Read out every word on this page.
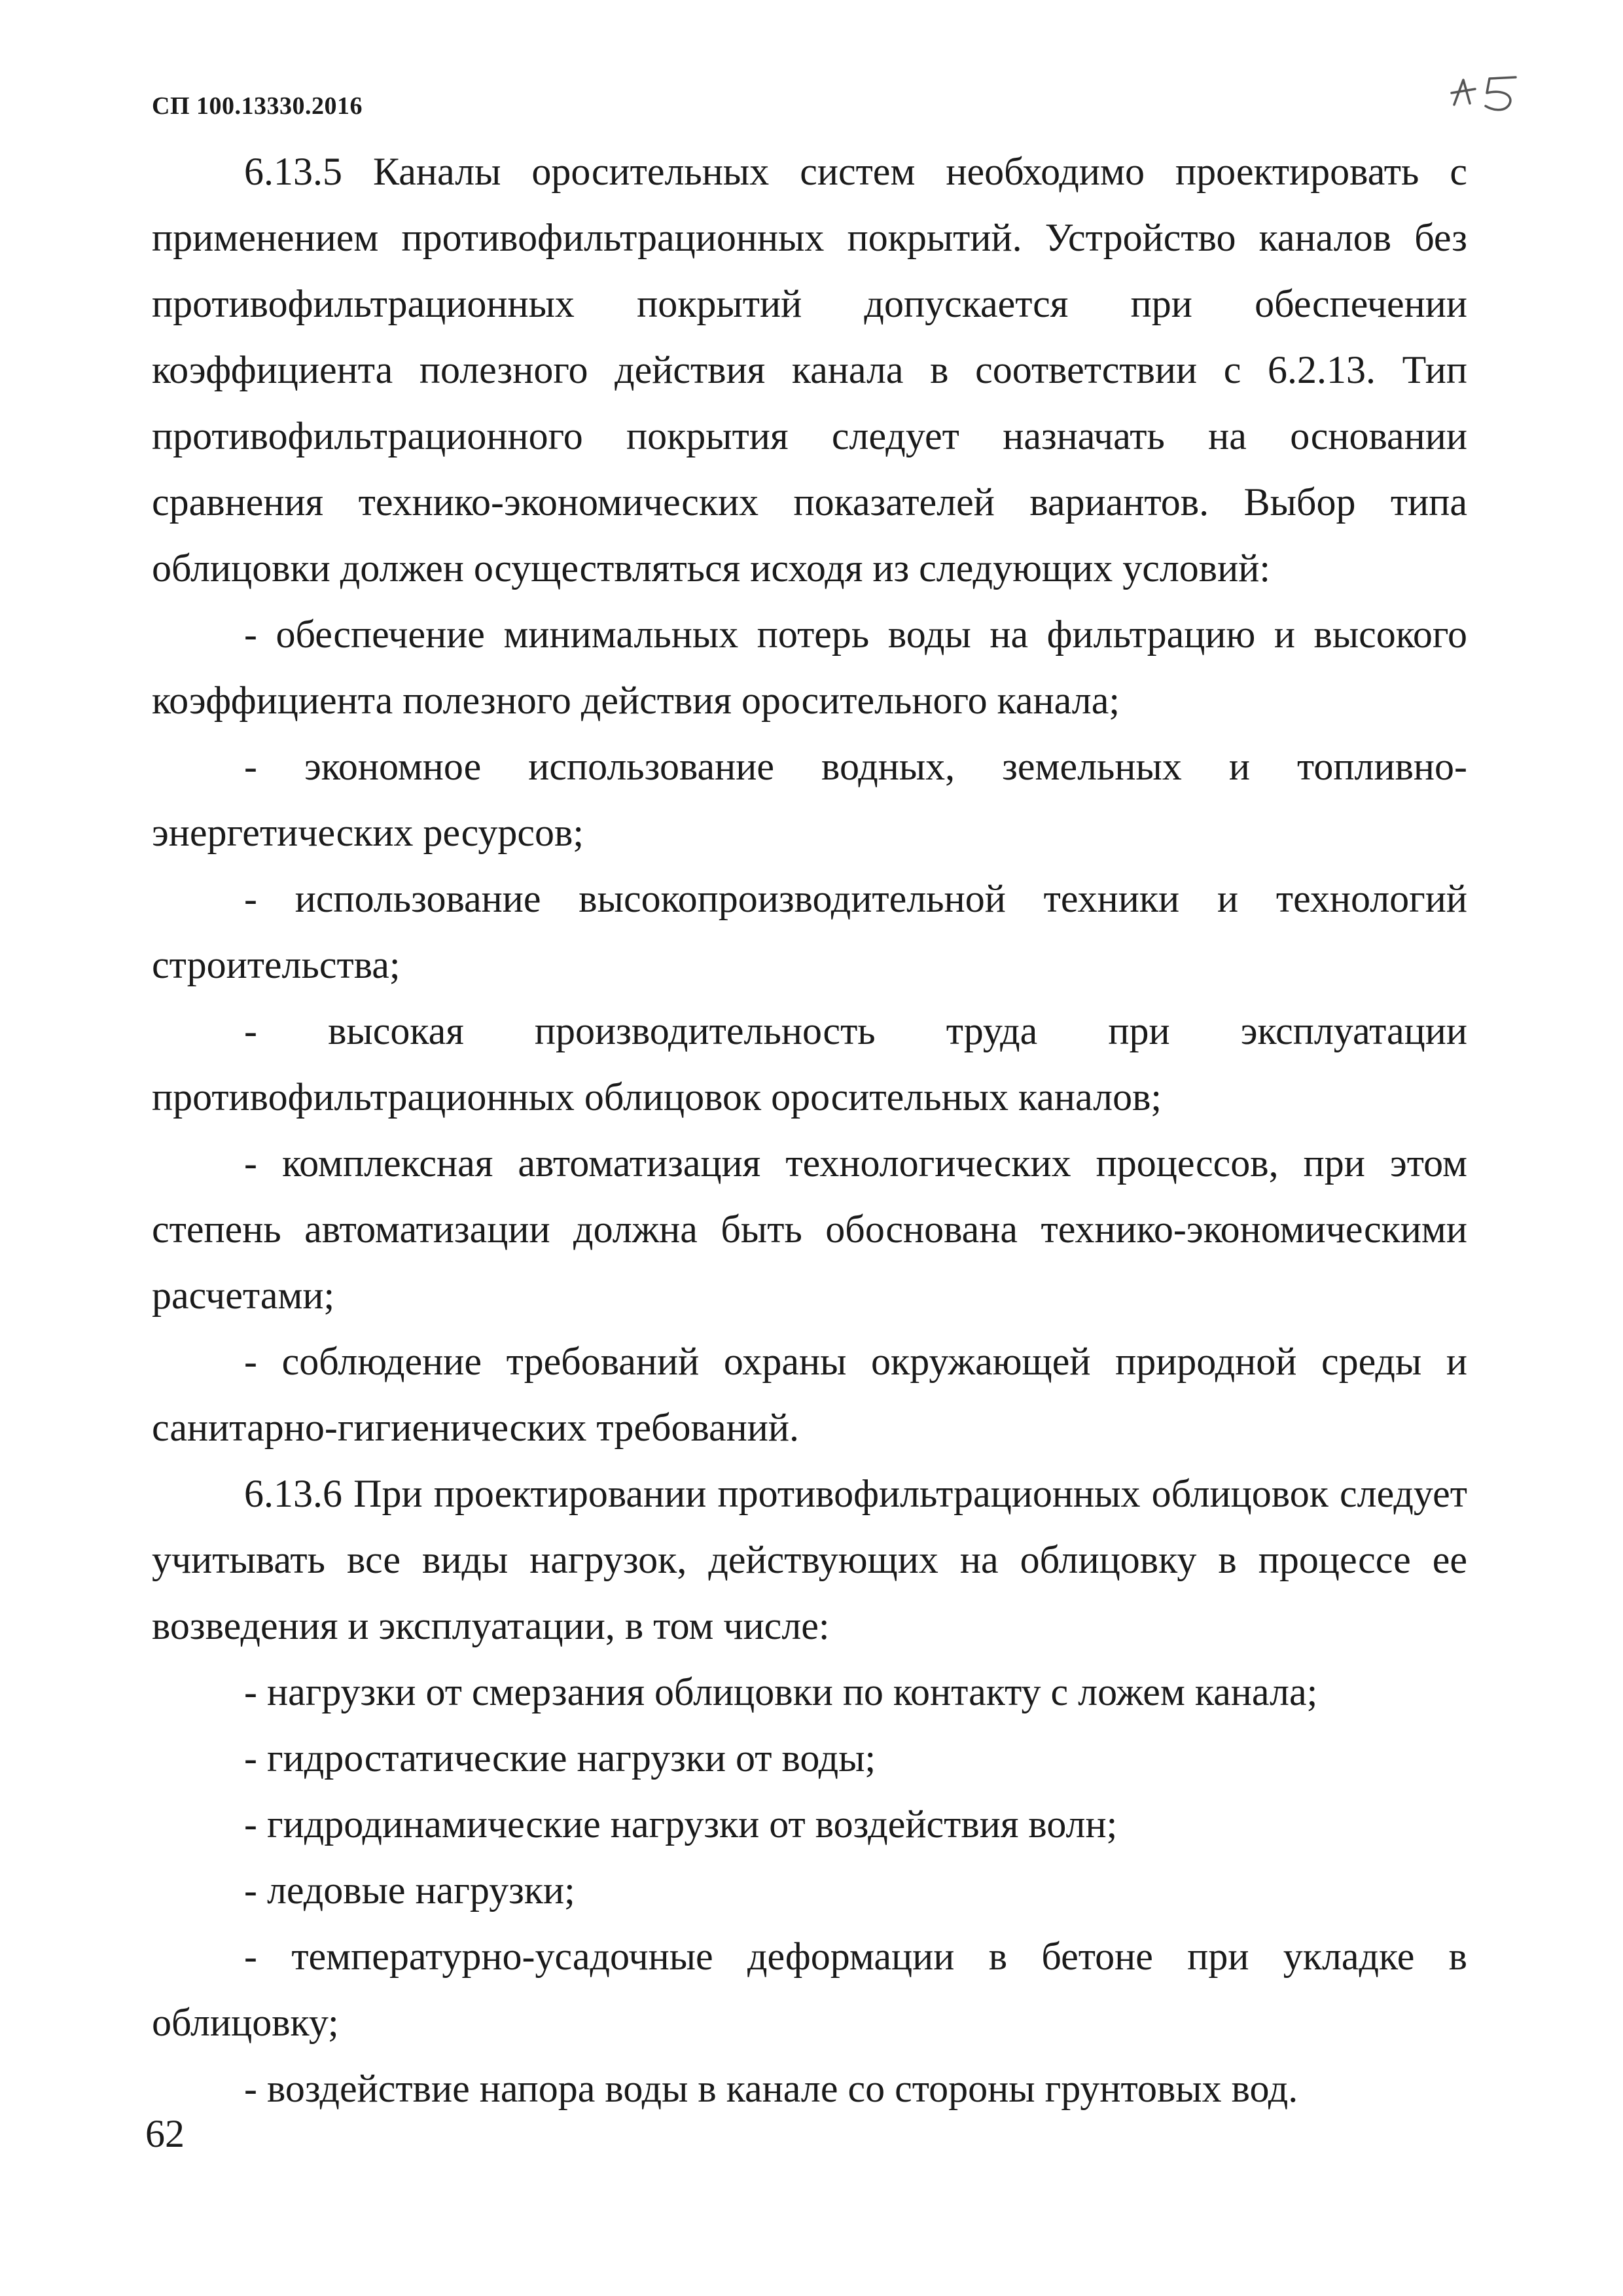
СП 100.13330.2016

6.13.5 Каналы оросительных систем необходимо проектировать с применением противофильтрационных покрытий. Устройство каналов без противофильтрационных покрытий допускается при обеспечении коэффициента полезного действия канала в соответствии с 6.2.13. Тип противофильтрационного покрытия следует назначать на основании сравнения технико-экономических показателей вариантов. Выбор типа облицовки должен осуществляться исходя из следующих условий:

- обеспечение минимальных потерь воды на фильтрацию и высокого коэффициента полезного действия оросительного канала;

- экономное использование водных, земельных и топливно-энергетических ресурсов;

- использование высокопроизводительной техники и технологий строительства;

- высокая производительность труда при эксплуатации противофильтрационных облицовок оросительных каналов;

- комплексная автоматизация технологических процессов, при этом степень автоматизации должна быть обоснована технико-экономическими расчетами;

- соблюдение требований охраны окружающей природной среды и санитарно-гигиенических требований.

6.13.6 При проектировании противофильтрационных облицовок следует учитывать все виды нагрузок, действующих на облицовку в процессе ее возведения и эксплуатации, в том числе:

- нагрузки от смерзания облицовки по контакту с ложем канала;

- гидростатические нагрузки от воды;

- гидродинамические нагрузки от воздействия волн;

- ледовые нагрузки;

- температурно-усадочные деформации в бетоне при укладке в облицовку;

- воздействие напора воды в канале со стороны грунтовых вод.

62
